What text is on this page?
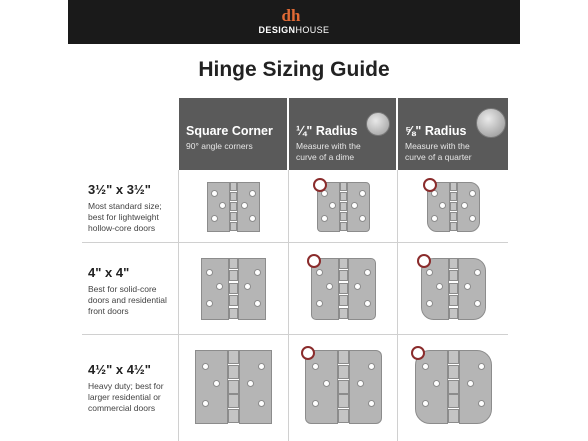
dh
DESIGNHOUSE
Hinge Sizing Guide
Square Corner
90° angle corners
¼" Radius
Measure with the curve of a dime
⅝" Radius
Measure with the curve of a quarter
3½" x 3½"
Most standard size; best for lightweight hollow-core doors
4" x 4"
Best for solid-core doors and residential front doors
4½" x 4½"
Heavy duty; best for larger residential or commercial doors
